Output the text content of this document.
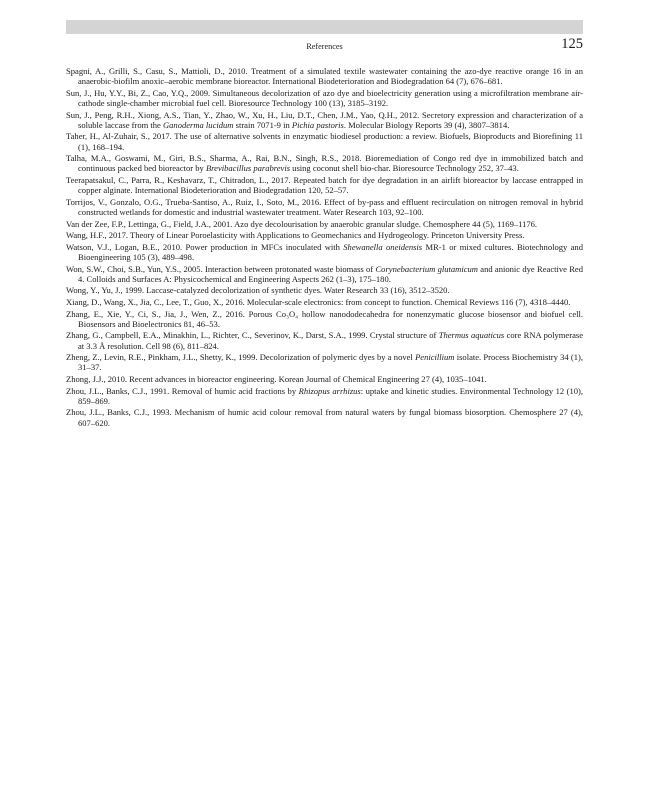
References	125

Spagni, A., Grilli, S., Casu, S., Mattioli, D., 2010. Treatment of a simulated textile wastewater containing the azo-dye reactive orange 16 in an anaerobic-biofilm anoxic–aerobic membrane bioreactor. International Biodeterioration and Biodegradation 64 (7), 676–681.

Sun, J., Hu, Y.Y., Bi, Z., Cao, Y.Q., 2009. Simultaneous decolorization of azo dye and bioelectricity generation using a microfiltration membrane air-cathode single-chamber microbial fuel cell. Bioresource Technology 100 (13), 3185–3192.

Sun, J., Peng, R.H., Xiong, A.S., Tian, Y., Zhao, W., Xu, H., Liu, D.T., Chen, J.M., Yao, Q.H., 2012. Secretory expression and characterization of a soluble laccase from the Ganoderma lucidum strain 7071-9 in Pichia pastoris. Molecular Biology Reports 39 (4), 3807–3814.

Taher, H., Al-Zuhair, S., 2017. The use of alternative solvents in enzymatic biodiesel production: a review. Biofuels, Bioproducts and Biorefining 11 (1), 168–194.

Talha, M.A., Goswami, M., Giri, B.S., Sharma, A., Rai, B.N., Singh, R.S., 2018. Bioremediation of Congo red dye in immobilized batch and continuous packed bed bioreactor by Brevibacillus parabrevis using coconut shell bio-char. Bioresource Technology 252, 37–43.

Teerapatsakul, C., Parra, R., Keshavarz, T., Chitradon, L., 2017. Repeated batch for dye degradation in an airlift bioreactor by laccase entrapped in copper alginate. International Biodeterioration and Biodegradation 120, 52–57.

Torrijos, V., Gonzalo, O.G., Trueba-Santiso, A., Ruiz, I., Soto, M., 2016. Effect of by-pass and effluent recirculation on nitrogen removal in hybrid constructed wetlands for domestic and industrial wastewater treatment. Water Research 103, 92–100.

Van der Zee, F.P., Lettinga, G., Field, J.A., 2001. Azo dye decolourisation by anaerobic granular sludge. Chemosphere 44 (5), 1169–1176.

Wang, H.F., 2017. Theory of Linear Poroelasticity with Applications to Geomechanics and Hydrogeology. Princeton University Press.

Watson, V.J., Logan, B.E., 2010. Power production in MFCs inoculated with Shewanella oneidensis MR-1 or mixed cultures. Biotechnology and Bioengineering 105 (3), 489–498.

Won, S.W., Choi, S.B., Yun, Y.S., 2005. Interaction between protonated waste biomass of Corynebacterium glutamicum and anionic dye Reactive Red 4. Colloids and Surfaces A: Physicochemical and Engineering Aspects 262 (1–3), 175–180.

Wong, Y., Yu, J., 1999. Laccase-catalyzed decolorization of synthetic dyes. Water Research 33 (16), 3512–3520.

Xiang, D., Wang, X., Jia, C., Lee, T., Guo, X., 2016. Molecular-scale electronics: from concept to function. Chemical Reviews 116 (7), 4318–4440.

Zhang, E., Xie, Y., Ci, S., Jia, J., Wen, Z., 2016. Porous Co₃O₄ hollow nanododecahedra for nonenzymatic glucose biosensor and biofuel cell. Biosensors and Bioelectronics 81, 46–53.

Zhang, G., Campbell, E.A., Minakhin, L., Richter, C., Severinov, K., Darst, S.A., 1999. Crystal structure of Thermus aquaticus core RNA polymerase at 3.3 Å resolution. Cell 98 (6), 811–824.

Zheng, Z., Levin, R.E., Pinkham, J.L., Shetty, K., 1999. Decolorization of polymeric dyes by a novel Penicillium isolate. Process Biochemistry 34 (1), 31–37.

Zhong, J.J., 2010. Recent advances in bioreactor engineering. Korean Journal of Chemical Engineering 27 (4), 1035–1041.

Zhou, J.L., Banks, C.J., 1991. Removal of humic acid fractions by Rhizopus arrhizus: uptake and kinetic studies. Environmental Technology 12 (10), 859–869.

Zhou, J.L., Banks, C.J., 1993. Mechanism of humic acid colour removal from natural waters by fungal biomass biosorption. Chemosphere 27 (4), 607–620.
